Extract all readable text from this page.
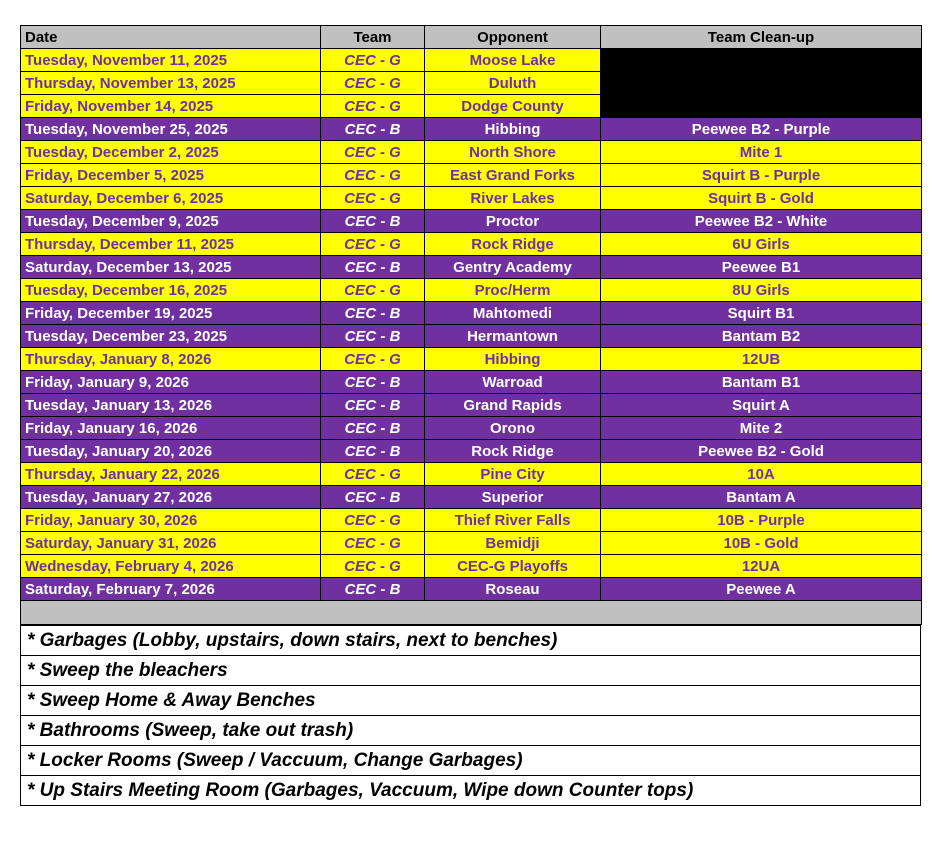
Date	Team	Opponent	Team Clean-up
Tuesday, November 11, 2025	CEC - G	Moose Lake	
Thursday, November 13, 2025	CEC - G	Duluth	
Friday, November 14, 2025	CEC - G	Dodge County	
Tuesday, November 25, 2025	CEC - B	Hibbing	Peewee B2 - Purple
Tuesday, December 2, 2025	CEC - G	North Shore	Mite 1
Friday, December 5, 2025	CEC - G	East Grand Forks	Squirt B - Purple
Saturday, December 6, 2025	CEC - G	River Lakes	Squirt B - Gold
Tuesday, December 9, 2025	CEC - B	Proctor	Peewee B2 - White
Thursday, December 11, 2025	CEC - G	Rock Ridge	6U Girls
Saturday, December 13, 2025	CEC - B	Gentry Academy	Peewee B1
Tuesday, December 16, 2025	CEC - G	Proc/Herm	8U Girls
Friday, December 19, 2025	CEC - B	Mahtomedi	Squirt B1
Tuesday, December 23, 2025	CEC - B	Hermantown	Bantam B2
Thursday, January 8, 2026	CEC - G	Hibbing	12UB
Friday, January 9, 2026	CEC - B	Warroad	Bantam B1
Tuesday, January 13, 2026	CEC - B	Grand Rapids	Squirt A
Friday, January 16, 2026	CEC - B	Orono	Mite 2
Tuesday, January 20, 2026	CEC - B	Rock Ridge	Peewee B2 - Gold
Thursday, January 22, 2026	CEC - G	Pine City	10A
Tuesday, January 27, 2026	CEC - B	Superior	Bantam A
Friday, January 30, 2026	CEC - G	Thief River Falls	10B - Purple
Saturday, January 31, 2026	CEC - G	Bemidji	10B - Gold
Wednesday, February 4, 2026	CEC - G	CEC-G Playoffs	12UA
Saturday, February 7, 2026	CEC - B	Roseau	Peewee A

* Garbages (Lobby, upstairs, down stairs, next to benches)
* Sweep the bleachers
* Sweep Home & Away Benches
* Bathrooms (Sweep, take out trash)
* Locker Rooms (Sweep / Vaccuum, Change Garbages)
* Up Stairs Meeting Room (Garbages, Vaccuum, Wipe down Counter tops)
